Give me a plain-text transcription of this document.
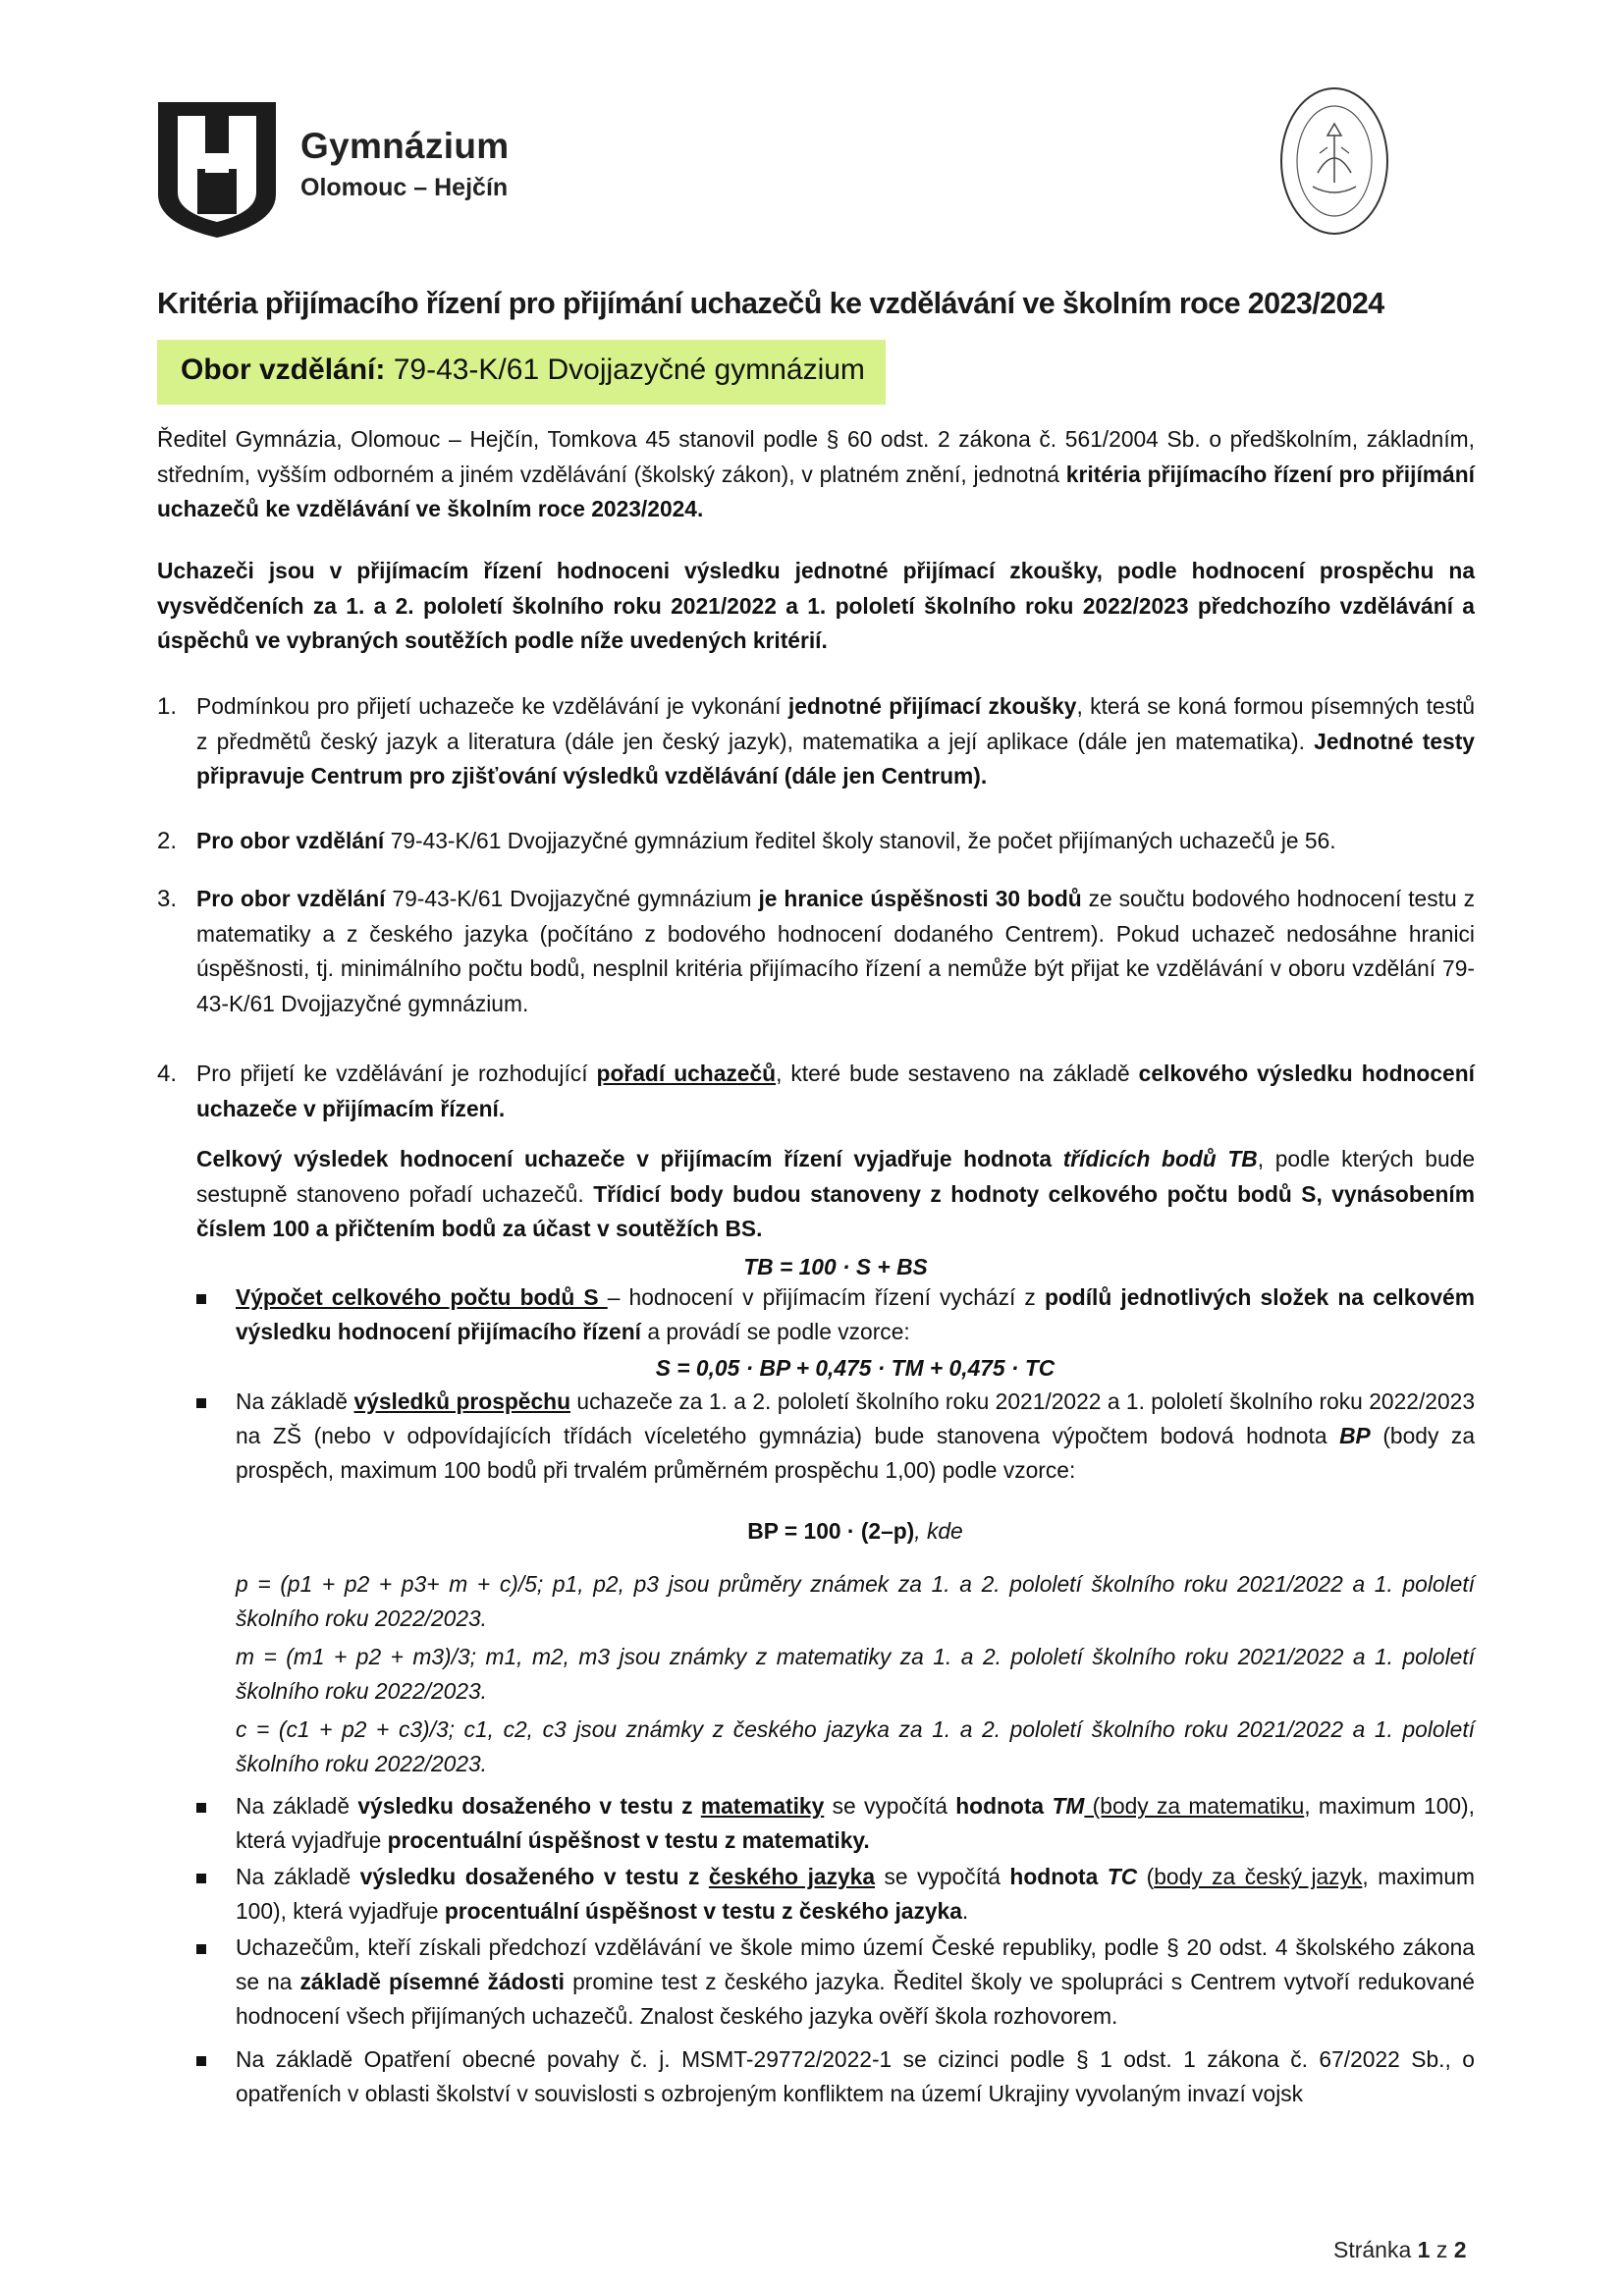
Gymnázium
Olomouc – Hejčín
Kritéria přijímacího řízení pro přijímání uchazečů ke vzdělávání ve školním roce 2023/2024
Obor vzdělání: 79-43-K/61 Dvojjazyčné gymnázium
Ředitel Gymnázia, Olomouc – Hejčín, Tomkova 45 stanovil podle § 60 odst. 2 zákona č. 561/2004 Sb. o předškolním, základním, středním, vyšším odborném a jiném vzdělávání (školský zákon), v platném znění, jednotná kritéria přijímacího řízení pro přijímání uchazečů ke vzdělávání ve školním roce 2023/2024.
Uchazeči jsou v přijímacím řízení hodnoceni výsledku jednotné přijímací zkoušky, podle hodnocení prospěchu na vysvědčeních za 1. a 2. pololetí školního roku 2021/2022 a 1. pololetí školního roku 2022/2023 předchozího vzdělávání a úspěchů ve vybraných soutěžích podle níže uvedených kritérií.
1. Podmínkou pro přijetí uchazeče ke vzdělávání je vykonání jednotné přijímací zkoušky, která se koná formou písemných testů z předmětů český jazyk a literatura (dále jen český jazyk), matematika a její aplikace (dále jen matematika). Jednotné testy připravuje Centrum pro zjišťování výsledků vzdělávání (dále jen Centrum).
2. Pro obor vzdělání 79-43-K/61 Dvojjazyčné gymnázium ředitel školy stanovil, že počet přijímaných uchazečů je 56.
3. Pro obor vzdělání 79-43-K/61 Dvojjazyčné gymnázium je hranice úspěšnosti 30 bodů ze součtu bodového hodnocení testu z matematiky a z českého jazyka (počítáno z bodového hodnocení dodaného Centrem). Pokud uchazeč nedosáhne hranici úspěšnosti, tj. minimálního počtu bodů, nesplnil kritéria přijímacího řízení a nemůže být přijat ke vzdělávání v oboru vzdělání 79-43-K/61 Dvojjazyčné gymnázium.
4. Pro přijetí ke vzdělávání je rozhodující pořadí uchazečů, které bude sestaveno na základě celkového výsledku hodnocení uchazeče v přijímacím řízení.
Celkový výsledek hodnocení uchazeče v přijímacím řízení vyjadřuje hodnota třídicích bodů TB, podle kterých bude sestupně stanoveno pořadí uchazečů. Třídicí body budou stanoveny z hodnoty celkového počtu bodů S, vynásobením číslem 100 a přičtením bodů za účast v soutěžích BS.
TB = 100 · S + BS
Výpočet celkového počtu bodů S – hodnocení v přijímacím řízení vychází z podílů jednotlivých složek na celkovém výsledku hodnocení přijímacího řízení a provádí se podle vzorce:
S = 0,05 · BP + 0,475 · TM + 0,475 · TC
Na základě výsledků prospěchu uchazeče za 1. a 2. pololetí školního roku 2021/2022 a 1. pololetí školního roku 2022/2023 na ZŠ (nebo v odpovídajících třídách víceletého gymnázia) bude stanovena výpočtem bodová hodnota BP (body za prospěch, maximum 100 bodů při trvalém průměrném prospěchu 1,00) podle vzorce:
BP = 100 · (2–p), kde
p = (p1 + p2 + p3+ m + c)/5; p1, p2, p3 jsou průměry známek za 1. a 2. pololetí školního roku 2021/2022 a 1. pololetí školního roku 2022/2023.
m = (m1 + p2 + m3)/3; m1, m2, m3 jsou známky z matematiky za 1. a 2. pololetí školního roku 2021/2022 a 1. pololetí školního roku 2022/2023.
c = (c1 + p2 + c3)/3; c1, c2, c3 jsou známky z českého jazyka za 1. a 2. pololetí školního roku 2021/2022 a 1. pololetí školního roku 2022/2023.
Na základě výsledku dosaženého v testu z matematiky se vypočítá hodnota TM (body za matematiku, maximum 100), která vyjadřuje procentuální úspěšnost v testu z matematiky.
Na základě výsledku dosaženého v testu z českého jazyka se vypočítá hodnota TC (body za český jazyk, maximum 100), která vyjadřuje procentuální úspěšnost v testu z českého jazyka.
Uchazečům, kteří získali předchozí vzdělávání ve škole mimo území České republiky, podle § 20 odst. 4 školského zákona se na základě písemné žádosti promine test z českého jazyka. Ředitel školy ve spolupráci s Centrem vytvoří redukované hodnocení všech přijímaných uchazečů. Znalost českého jazyka ověří škola rozhovorem.
Na základě Opatření obecné povahy č. j. MSMT-29772/2022-1 se cizinci podle § 1 odst. 1 zákona č. 67/2022 Sb., o opatřeních v oblasti školství v souvislosti s ozbrojeným konfliktem na území Ukrajiny vyvolaným invazí vojsk
Stránka 1 z 2
